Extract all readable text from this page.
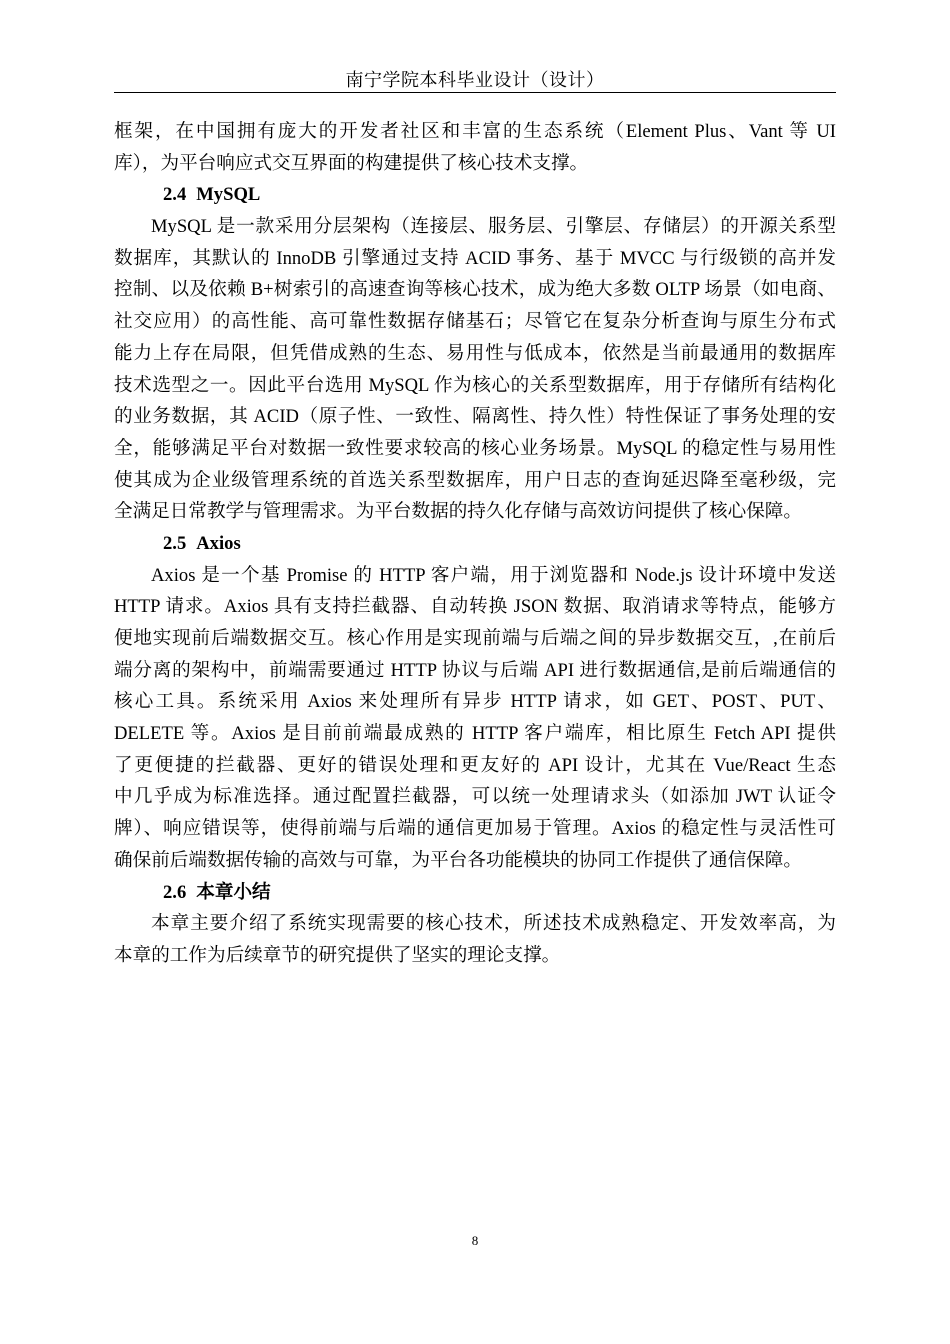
南宁学院本科毕业设计（设计）
框架，在中国拥有庞大的开发者社区和丰富的生态系统（Element Plus、Vant 等 UI
库），为平台响应式交互界面的构建提供了核心技术支撑。
2.4 MySQL
MySQL 是一款采用分层架构（连接层、服务层、引擎层、存储层）的开源关系型
数据库，其默认的 InnoDB 引擎通过支持 ACID 事务、基于 MVCC 与行级锁的高并发
控制、以及依赖 B+树索引的高速查询等核心技术，成为绝大多数 OLTP 场景（如电商、
社交应用）的高性能、高可靠性数据存储基石；尽管它在复杂分析查询与原生分布式
能力上存在局限，但凭借成熟的生态、易用性与低成本，依然是当前最通用的数据库
技术选型之一。因此平台选用 MySQL 作为核心的关系型数据库，用于存储所有结构化
的业务数据，其 ACID（原子性、一致性、隔离性、持久性）特性保证了事务处理的安
全，能够满足平台对数据一致性要求较高的核心业务场景。MySQL 的稳定性与易用性
使其成为企业级管理系统的首选关系型数据库，用户日志的查询延迟降至毫秒级，完
全满足日常教学与管理需求。为平台数据的持久化存储与高效访问提供了核心保障。
2.5 Axios
Axios 是一个基 Promise 的 HTTP 客户端，用于浏览器和 Node.js 设计环境中发送
HTTP 请求。Axios 具有支持拦截器、自动转换 JSON 数据、取消请求等特点，能够方
便地实现前后端数据交互。核心作用是实现前端与后端之间的异步数据交互，,在前后
端分离的架构中，前端需要通过 HTTP 协议与后端 API 进行数据通信,是前后端通信的
核心工具。系统采用 Axios 来处理所有异步 HTTP 请求，如 GET、POST、PUT、
DELETE 等。Axios 是目前前端最成熟的 HTTP 客户端库，相比原生 Fetch API 提供
了更便捷的拦截器、更好的错误处理和更友好的 API 设计，尤其在 Vue/React 生态
中几乎成为标准选择。通过配置拦截器，可以统一处理请求头（如添加 JWT 认证令
牌）、响应错误等，使得前端与后端的通信更加易于管理。Axios 的稳定性与灵活性可
确保前后端数据传输的高效与可靠，为平台各功能模块的协同工作提供了通信保障。
2.6 本章小结
本章主要介绍了系统实现需要的核心技术，所述技术成熟稳定、开发效率高，为
本章的工作为后续章节的研究提供了坚实的理论支撑。
8
